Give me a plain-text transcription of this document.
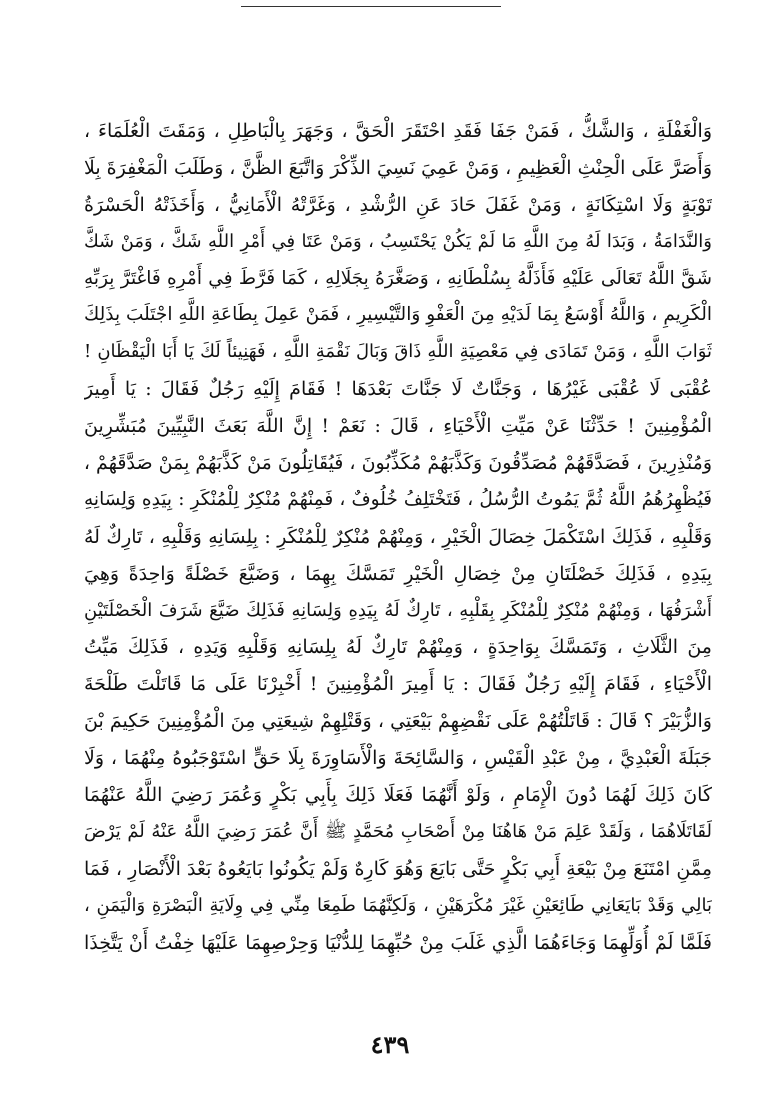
وَالْغَفْلَةِ ، وَالشَّكُّ ، فَمَنْ جَفَا فَقَدِ احْتَقَرَ الْحَقَّ ، وَجَهَرَ بِالْبَاطِلِ ، وَمَقَتَ الْعُلَمَاءَ ،
وَأَصَرَّ عَلَى الْحِنْثِ الْعَظِيمِ ، وَمَنْ عَمِيَ نَسِيَ الذِّكْرَ وَاتَّبَعَ الظَّنَّ ، وَطَلَبَ الْمَغْفِرَةَ بِلَا
تَوْبَةٍ وَلَا اسْتِكَانَةٍ ، وَمَنْ غَفَلَ حَادَ عَنِ الرُّشْدِ ، وَغَرَّتْهُ الْأَمَانِيُّ ، وَأَخَذَتْهُ الْحَسْرَةُ
وَالنَّدَامَةُ ، وَبَدَا لَهُ مِنَ اللَّهِ مَا لَمْ يَكُنْ يَحْتَسِبُ ، وَمَنْ عَتَا فِي أَمْرِ اللَّهِ شَكَّ ، وَمَنْ شَكَّ
شَقَّ اللَّهُ تَعَالَى عَلَيْهِ فَأَذَلَّهُ بِسُلْطَانِهِ ، وَصَغَّرَهُ بِجَلَالِهِ ، كَمَا فَرَّطَ فِي أَمْرِهِ فَاغْتَرَّ بِرَبِّهِ
الْكَرِيمِ ، وَاللَّهُ أَوْسَعُ بِمَا لَدَيْهِ مِنَ الْعَفْوِ وَالتَّيْسِيرِ ، فَمَنْ عَمِلَ بِطَاعَةِ اللَّهِ اجْتَلَبَ بِذَلِكَ
ثَوَابَ اللَّهِ ، وَمَنْ تَمَادَى فِي مَعْصِيَةِ اللَّهِ ذَاقَ وَبَالَ نَقْمَةِ اللَّهِ ، فَهَنِيئاً لَكَ يَا أَبَا الْيَقْظَانِ !
عُقْبَى لَا عُقْبَى غَيْرُهَا ، وَجَنَّاتٌ لَا جَنَّاتَ بَعْدَهَا ! فَقَامَ إِلَيْهِ رَجُلٌ فَقَالَ : يَا أَمِيرَ
الْمُؤْمِنِينَ ! حَدِّثْنَا عَنْ مَيِّتِ الْأَحْيَاءِ ، قَالَ : نَعَمْ ! إِنَّ اللَّهَ بَعَثَ النَّبِيِّينَ مُبَشِّرِينَ
وَمُنْذِرِينَ ، فَصَدَّقَهُمْ مُصَدِّقُونَ وَكَذَّبَهُمْ مُكَذِّبُونَ ، فَيُقَاتِلُونَ مَنْ كَذَّبَهُمْ بِمَنْ صَدَّقَهُمْ ،
فَيُظْهِرُهُمُ اللَّهُ ثُمَّ يَمُوتُ الرُّسُلُ ، فَتَخْتَلِفُ خُلُوفٌ ، فَمِنْهُمْ مُنْكِرٌ لِلْمُنْكَرِ : بِيَدِهِ وَلِسَانِهِ
وَقَلْبِهِ ، فَذَلِكَ اسْتَكْمَلَ خِصَالَ الْخَيْرِ ، وَمِنْهُمْ مُنْكِرٌ لِلْمُنْكَرِ : بِلِسَانِهِ وَقَلْبِهِ ، تَارِكٌ لَهُ
بِيَدِهِ ، فَذَلِكَ خَصْلَتَانِ مِنْ خِصَالِ الْخَيْرِ تَمَسَّكَ بِهِمَا ، وَضَيَّعَ خَصْلَةً وَاحِدَةً وَهِيَ
أَشْرَفُهَا ، وَمِنْهُمْ مُنْكِرٌ لِلْمُنْكَرِ بِقَلْبِهِ ، تَارِكٌ لَهُ بِيَدِهِ وَلِسَانِهِ فَذَلِكَ ضَيَّعَ شَرَفَ الْخَصْلَتَيْنِ
مِنَ الثَّلَاثِ ، وَتَمَسَّكَ بِوَاحِدَةٍ ، وَمِنْهُمْ تَارِكٌ لَهُ بِلِسَانِهِ وَقَلْبِهِ وَيَدِهِ ، فَذَلِكَ مَيِّتُ
الْأَحْيَاءِ ، فَقَامَ إِلَيْهِ رَجُلٌ فَقَالَ : يَا أَمِيرَ الْمُؤْمِنِينَ ! أَخْبِرْنَا عَلَى مَا قَاتَلْتَ طَلْحَةَ
وَالزُّبَيْرَ ؟ قَالَ : قَاتَلْتُهُمْ عَلَى نَقْضِهِمْ بَيْعَتِي ، وَقَتْلِهِمْ شِيعَتِي مِنَ الْمُؤْمِنِينَ حَكِيمَ بْنَ
جَبَلَةَ الْعَبْدِيَّ ، مِنْ عَبْدِ الْقَيْسِ ، وَالسَّائِحَةَ وَالْأَسَاوِرَةَ بِلَا حَقٍّ اسْتَوْجَبُوهُ مِنْهُمَا ، وَلَا
كَانَ ذَلِكَ لَهُمَا دُونَ الْإِمَامِ ، وَلَوْ أَنَّهُمَا فَعَلَا ذَلِكَ بِأَبِي بَكْرٍ وَعُمَرَ رَضِيَ اللَّهُ عَنْهُمَا
لَقَاتَلَاهُمَا ، وَلَقَدْ عَلِمَ مَنْ هَاهُنَا مِنْ أَصْحَابِ مُحَمَّدٍ ﷺ أَنَّ عُمَرَ رَضِيَ اللَّهُ عَنْهُ لَمْ يَرْضَ
مِمَّنِ امْتَنَعَ مِنْ بَيْعَةِ أَبِي بَكْرٍ حَتَّى بَايَعَ وَهُوَ كَارِهٌ وَلَمْ يَكُونُوا بَايَعُوهُ بَعْدَ الْأَنْصَارِ ، فَمَا
بَالِي وَقَدْ بَايَعَانِي طَائِعَيْنِ غَيْرَ مُكْرَهَيْنِ ، وَلَكِنَّهُمَا طَمِعَا مِنِّي فِي وِلَايَةِ الْبَصْرَةِ وَالْيَمَنِ ،
فَلَمَّا لَمْ أُوَلِّهِمَا وَجَاءَهُمَا الَّذِي غَلَبَ مِنْ حُبِّهِمَا لِلدُّنْيَا وَحِرْصِهِمَا عَلَيْهَا خِفْتُ أَنْ يَتَّخِذَا
٤٣٩
